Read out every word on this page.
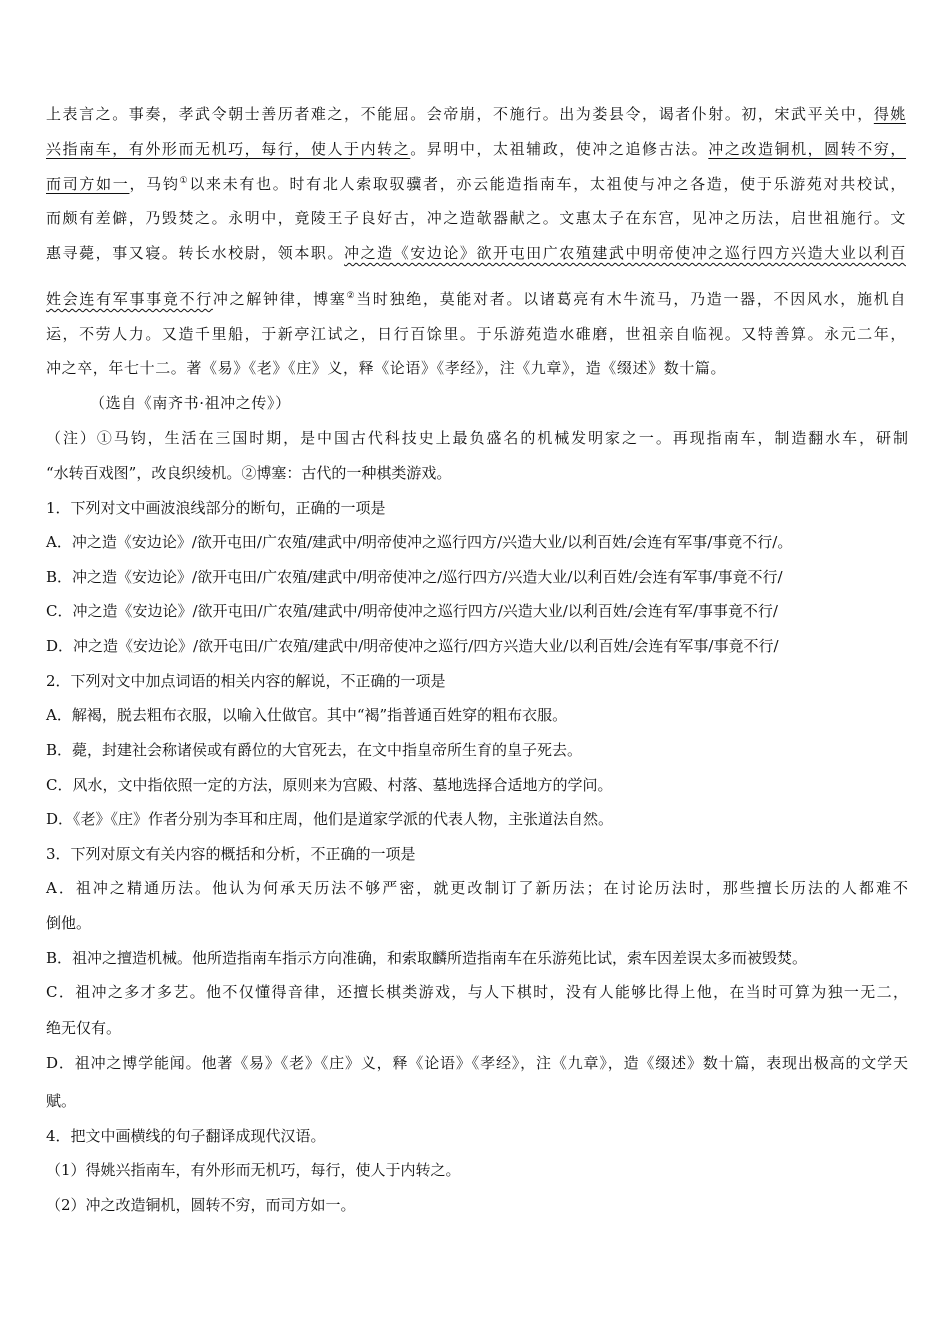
上表言之。事奏，孝武令朝士善历者难之，不能屈。会帝崩，不施行。出为娄县令，谒者仆射。初，宋武平关中，得姚
兴指南车，有外形而无机巧，每行，使人于内转之。昇明中，太祖辅政，使冲之追修古法。冲之改造铜机，圆转不穷，
而司方如一，马钧①以来未有也。时有北人索取驭骥者，亦云能造指南车，太祖使与冲之各造，使于乐游苑对共校试，
而颇有差僻，乃毁焚之。永明中，竟陵王子良好古，冲之造欹器献之。文惠太子在东宫，见冲之历法，启世祖施行。文
惠寻薨，事又寝。转长水校尉，领本职。冲之造《安边论》欲开屯田广农殖建武中明帝使冲之巡行四方兴造大业以利百
姓会连有军事事竟不行冲之解钟律，博塞②当时独绝，莫能对者。以诸葛亮有木牛流马，乃造一器，不因风水，施机自
运，不劳人力。又造千里船，于新亭江试之，日行百馀里。于乐游苑造水碓磨，世祖亲自临视。又特善算。永元二年，
冲之卒，年七十二。著《易》《老》《庄》义，释《论语》《孝经》，注《九章》，造《缀述》数十篇。
（选自《南齐书·祖冲之传》）
（注）①马钧，生活在三国时期，是中国古代科技史上最负盛名的机械发明家之一。再现指南车，制造翻水车，研制
“水转百戏图”，改良织绫机。②博塞：古代的一种棋类游戏。
1．下列对文中画波浪线部分的断句，正确的一项是
A．冲之造《安边论》/欲开屯田/广农殖/建武中/明帝使冲之巡行四方/兴造大业/以利百姓/会连有军事/事竟不行/。
B．冲之造《安边论》/欲开屯田/广农殖/建武中/明帝使冲之/巡行四方/兴造大业/以利百姓/会连有军事/事竟不行/
C．冲之造《安边论》/欲开屯田/广农殖/建武中/明帝使冲之巡行四方/兴造大业/以利百姓/会连有军/事事竟不行/
D．冲之造《安边论》/欲开屯田/广农殖/建武中/明帝使冲之巡行/四方兴造大业/以利百姓/会连有军事/事竟不行/
2．下列对文中加点词语的相关内容的解说，不正确的一项是
A．解褐，脱去粗布衣服，以喻入仕做官。其中“褐”指普通百姓穿的粗布衣服。
B．薨，封建社会称诸侯或有爵位的大官死去，在文中指皇帝所生育的皇子死去。
C．风水，文中指依照一定的方法，原则来为宫殿、村落、墓地选择合适地方的学问。
D．《老》《庄》作者分别为李耳和庄周，他们是道家学派的代表人物，主张道法自然。
3．下列对原文有关内容的概括和分析，不正确的一项是
A．祖冲之精通历法。他认为何承天历法不够严密，就更改制订了新历法；在讨论历法时，那些擅长历法的人都难不
倒他。
B．祖冲之擅造机械。他所造指南车指示方向准确，和索取麟所造指南车在乐游苑比试，索车因差误太多而被毁焚。
C．祖冲之多才多艺。他不仅懂得音律，还擅长棋类游戏，与人下棋时，没有人能够比得上他，在当时可算为独一无二，
绝无仅有。
D．祖冲之博学能闻。他著《易》《老》《庄》义，释《论语》《孝经》，注《九章》，造《缀述》数十篇，表现出极高的文学天
赋。
4．把文中画横线的句子翻译成现代汉语。
（1）得姚兴指南车，有外形而无机巧，每行，使人于内转之。
（2）冲之改造铜机，圆转不穷，而司方如一。
